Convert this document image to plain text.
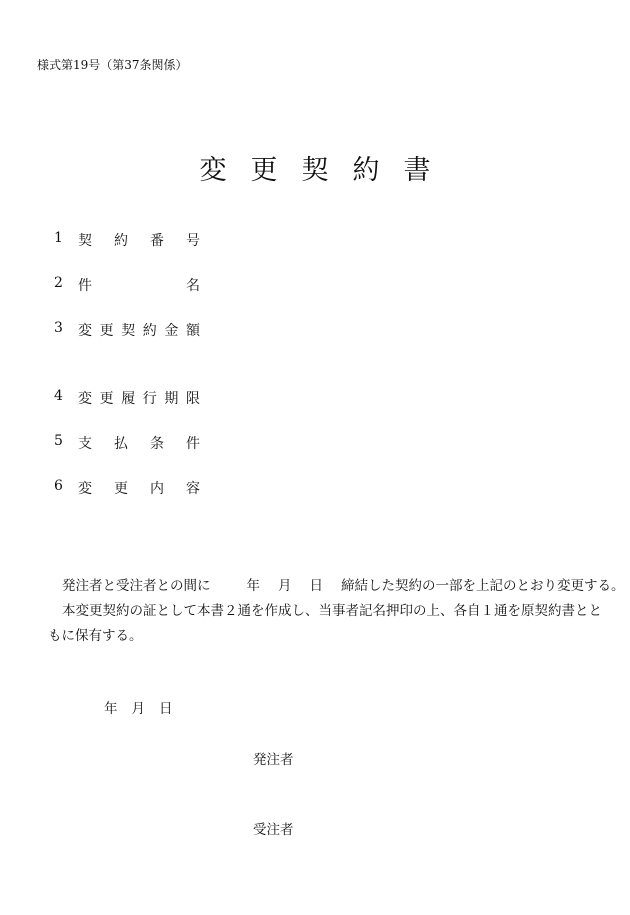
様式第19号（第37条関係）
変更契約書
1 契 約 番 号
2 件	名
3 変 更 契 約 金 額
4 変 更 履 行 期 限
5 支 払 条 件
6 変 更 内 容

発注者と受注者との間に	年 月 日 締結した契約の一部を上記のとおり変更する。

本変更契約の証として本書２通を作成し、当事者記名押印の上、各自１通を原契約書とともに保有する。

年 月 日
発注者
受注者
